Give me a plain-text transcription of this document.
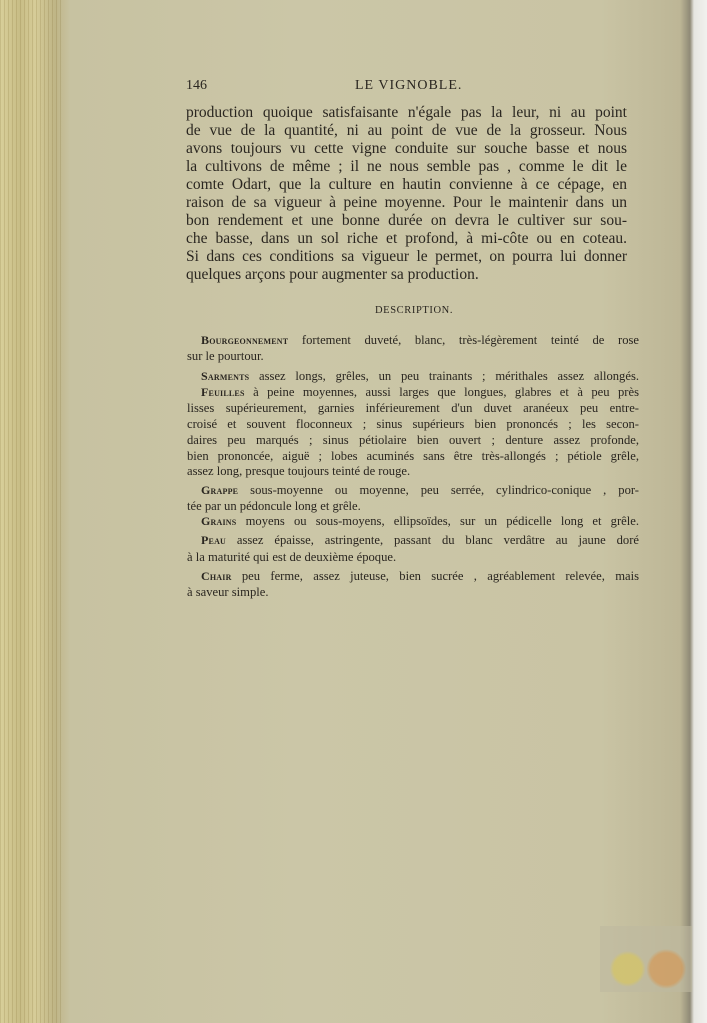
146	LE VIGNOBLE.
production quoique satisfaisante n'égale pas la leur, ni au point
de vue de la quantité, ni au point de vue de la grosseur. Nous
avons toujours vu cette vigne conduite sur souche basse et nous
la cultivons de même ; il ne nous semble pas , comme le dit le
comte Odart, que la culture en hautin convienne à ce cépage, en
raison de sa vigueur à peine moyenne. Pour le maintenir dans un
bon rendement et une bonne durée on devra le cultiver sur sou-
che basse, dans un sol riche et profond, à mi-côte ou en coteau.
Si dans ces conditions sa vigueur le permet, on pourra lui donner
quelques arçons pour augmenter sa production.
DESCRIPTION.
Bourgeonnement fortement duveté, blanc, très-légèrement teinté de rose
sur le pourtour.
Sarments assez longs, grêles, un peu trainants ; mérithales assez allongés.
Feuilles à peine moyennes, aussi larges que longues, glabres et à peu près
lisses supérieurement, garnies inférieurement d'un duvet aranéeux peu entre-
croisé et souvent floconneux ; sinus supérieurs bien prononcés ; les secon-
daires peu marqués ; sinus pétiolaire bien ouvert ; denture assez profonde,
bien prononcée, aiguë ; lobes acuminés sans être très-allongés ; pétiole grêle,
assez long, presque toujours teinté de rouge.
Grappe sous-moyenne ou moyenne, peu serrée, cylindrico-conique , por-
tée par un pédoncule long et grêle.
Grains moyens ou sous-moyens, ellipsoïdes, sur un pédicelle long et grêle.
Peau assez épaisse, astringente, passant du blanc verdâtre au jaune doré
à la maturité qui est de deuxième époque.
Chair peu ferme, assez juteuse, bien sucrée , agréablement relevée, mais
à saveur simple.
